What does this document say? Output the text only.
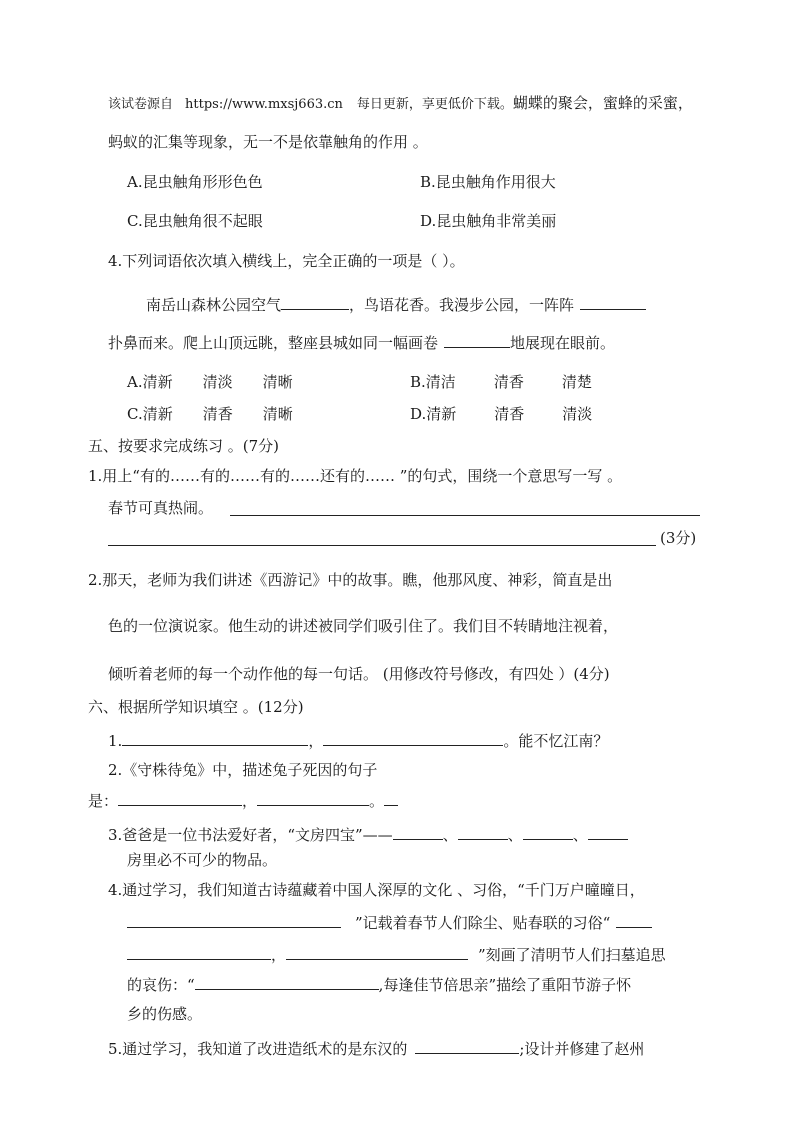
该试卷源自 https://www.mxsj663.cn 每日更新，享更低价下载。蝴蝶的聚会，蜜蜂的采蜜，
蚂蚁的汇集等现象，无一不是依靠触角的作用 。
A.昆虫触角形形色色	B.昆虫触角作用很大
C.昆虫触角很不起眼	D.昆虫触角非常美丽
4.下列词语依次填入横线上，完全正确的一项是（ ）。
南岳山森林公园空气	，鸟语花香。我漫步公园，一阵阵
扑鼻而来。爬上山顶远眺，整座县城如同一幅画卷	地展现在眼前。
A.清新 清淡 清晰	B.清洁	清香	清楚
C.清新 清香 清晰	D.清新	清香	清淡
五、按要求完成练习 。(7分)
1.用上“有的……有的……有的……还有的…… ”的句式，围绕一个意思写一写 。
春节可真热闹。
(3分)
2.那天，老师为我们讲述《西游记》中的故事。瞧，他那风度、神彩，简直是出
色的一位演说家。他生动的讲述被同学们吸引住了。我们目不转睛地注视着，
倾听着老师的每一个动作他的每一句话。 (用修改符号修改，有四处 ）(4分)
六、根据所学知识填空 。(12分)
1.	，	。能不忆江南？
2.《守株待兔》中，描述兔子死因的句子
是：	，	。
3.爸爸是一位书法爱好者，“文房四宝”——	、	、	、
房里必不可少的物品。
4.通过学习，我们知道古诗蕴藏着中国人深厚的文化 、习俗，“千门万户曈曈日，
”记载着春节人们除尘、贴春联的习俗“
，	”刻画了清明节人们扫墓追思
的哀伤：“	,每逢佳节倍思亲”描绘了重阳节游子怀
乡的伤感。
5.通过学习，我知道了改进造纸术的是东汉的	;设计并修建了赵州
